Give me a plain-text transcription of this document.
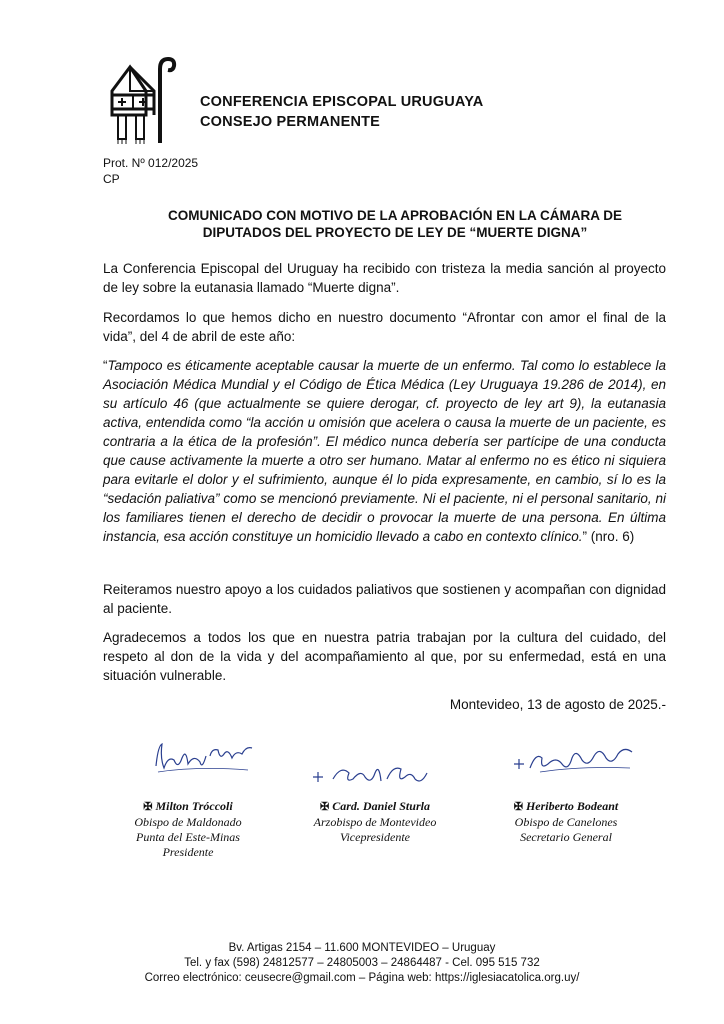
CONFERENCIA EPISCOPAL URUGUAYA
CONSEJO PERMANENTE
Prot. Nº 012/2025
CP
COMUNICADO CON MOTIVO DE LA APROBACIÓN EN LA CÁMARA DE
DIPUTADOS DEL PROYECTO DE LEY DE “MUERTE DIGNA”
La Conferencia Episcopal del Uruguay ha recibido con tristeza la media sanción al proyecto de ley sobre la eutanasia llamado “Muerte digna”.
Recordamos lo que hemos dicho en nuestro documento “Afrontar con amor el final de la vida”, del 4 de abril de este año:
“Tampoco es éticamente aceptable causar la muerte de un enfermo. Tal como lo establece la Asociación Médica Mundial y el Código de Ética Médica (Ley Uruguaya 19.286 de 2014), en su artículo 46 (que actualmente se quiere derogar, cf. proyecto de ley art 9), la eutanasia activa, entendida como “la acción u omisión que acelera o causa la muerte de un paciente, es contraria a la ética de la profesión”. El médico nunca debería ser partícipe de una conducta que cause activamente la muerte a otro ser humano. Matar al enfermo no es ético ni siquiera para evitarle el dolor y el sufrimiento, aunque él lo pida expresamente, en cambio, sí lo es la “sedación paliativa” como se mencionó previamente. Ni el paciente, ni el personal sanitario, ni los familiares tienen el derecho de decidir o provocar la muerte de una persona. En última instancia, esa acción constituye un homicidio llevado a cabo en contexto clínico.” (nro. 6)
Reiteramos nuestro apoyo a los cuidados paliativos que sostienen y acompañan con dignidad al paciente.
Agradecemos a todos los que en nuestra patria trabajan por la cultura del cuidado, del respeto al don de la vida y del acompañamiento al que, por su enfermedad, está en una situación vulnerable.
Montevideo, 13 de agosto de 2025.-
✠ Milton Tróccoli
Obispo de Maldonado
Punta del Este-Minas
Presidente
✠ Card. Daniel Sturla
Arzobispo de Montevideo
Vicepresidente
✠ Heriberto Bodeant
Obispo de Canelones
Secretario General
Bv. Artigas 2154 – 11.600 MONTEVIDEO – Uruguay
Tel. y fax (598) 24812577 – 24805003 – 24864487 - Cel. 095 515 732
Correo electrónico: ceusecre@gmail.com – Página web: https://iglesiacatolica.org.uy/
